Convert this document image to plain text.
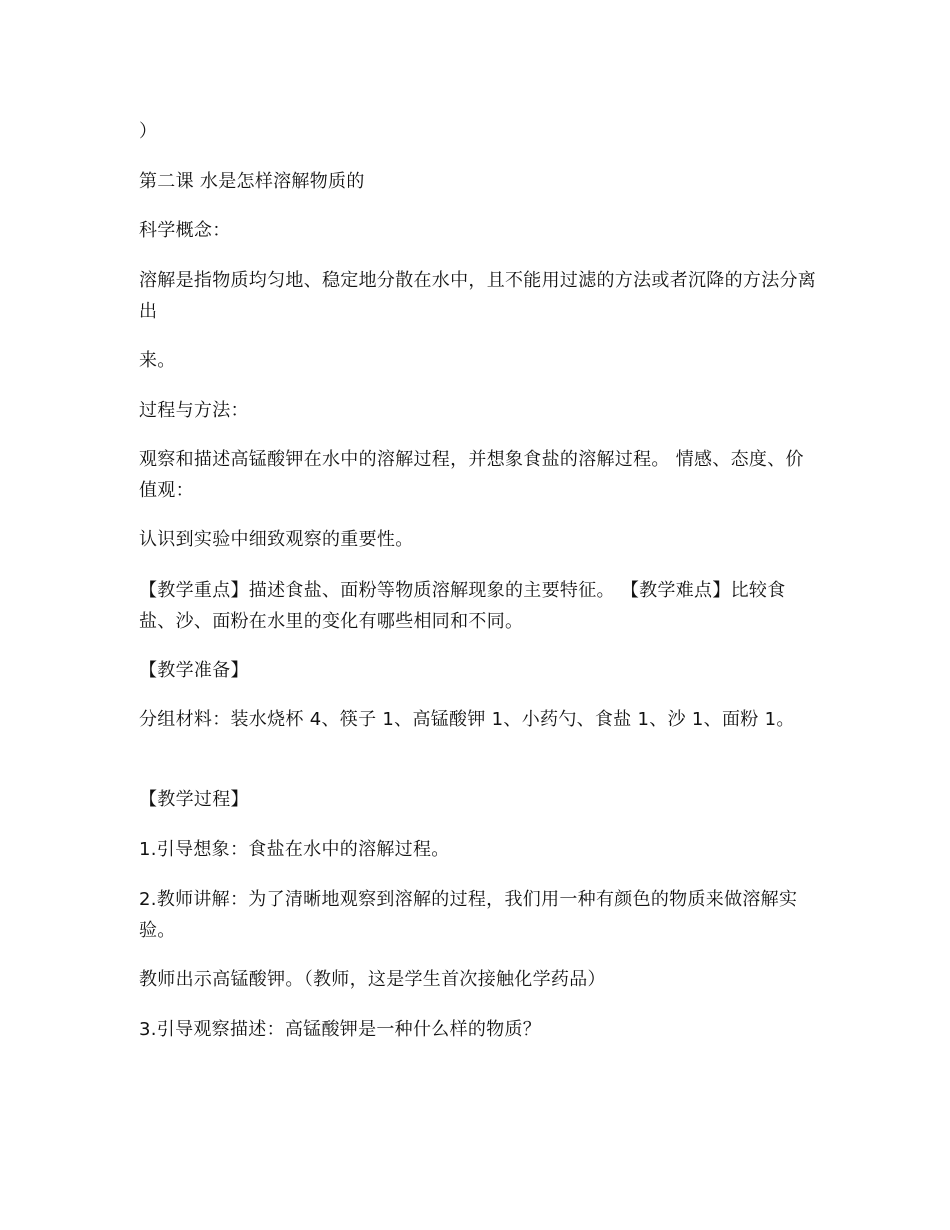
）

第二课 水是怎样溶解物质的

科学概念：

溶解是指物质均匀地、稳定地分散在水中，且不能用过滤的方法或者沉降的方法分离出

来。

过程与方法：

观察和描述高锰酸钾在水中的溶解过程，并想象食盐的溶解过程。 情感、态度、价值观：

认识到实验中细致观察的重要性。

【教学重点】描述食盐、面粉等物质溶解现象的主要特征。 【教学难点】比较食盐、沙、面粉在水里的变化有哪些相同和不同。

【教学准备】

分组材料：装水烧杯 4、筷子 1、高锰酸钾 1、小药勺、食盐 1、沙 1、面粉 1。

【教学过程】

1.引导想象：食盐在水中的溶解过程。

2.教师讲解：为了清晰地观察到溶解的过程，我们用一种有颜色的物质来做溶解实验。

教师出示高锰酸钾。（教师，这是学生首次接触化学药品）

3.引导观察描述：高锰酸钾是一种什么样的物质？
